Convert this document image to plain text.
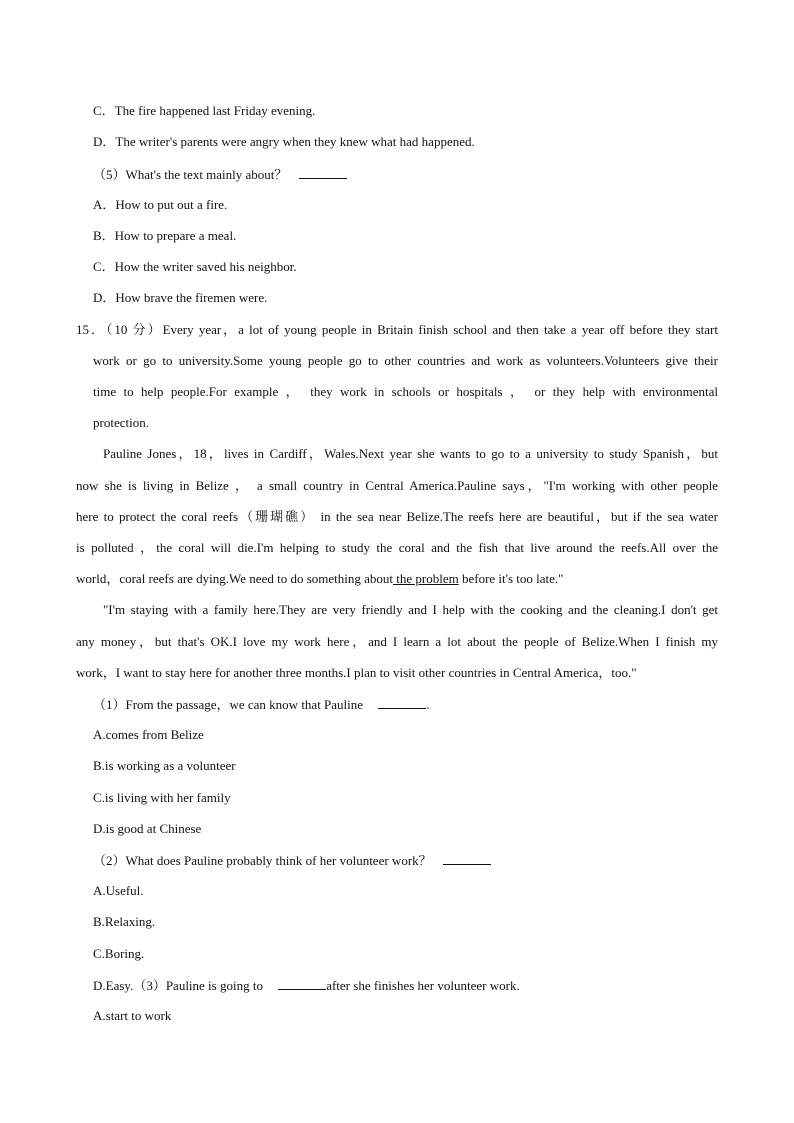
C．The fire happened last Friday evening.
D．The writer's parents were angry when they knew what had happened.
（5）What's the text mainly about？
A．How to put out a fire.
B．How to prepare a meal.
C．How the writer saved his neighbor.
D．How brave the firemen were.
15．（10 分）Every year，a lot of young people in Britain finish school and then take a year off before they start
work or go to university.Some young people go to other countries and work as volunteers.Volunteers give their
time to help people.For example ， they work in schools or hospitals ， or they help with environmental
protection.
Pauline Jones，18，lives in Cardiff，Wales.Next year she wants to go to a university to study Spanish，but
now she is living in Belize ， a small country in Central America.Pauline says，"I'm working with other people
here to protect the coral reefs（珊瑚礁） in the sea near Belize.The reefs here are beautiful，but if the sea water
is polluted ，the coral will die.I'm helping to study the coral and the fish that live around the reefs.All over the
world，coral reefs are dying.We need to do something about the problem before it's too late."
"I'm staying with a family here.They are very friendly and I help with the cooking and the cleaning.I don't get
any money，but that's OK.I love my work here，and I learn a lot about the people of Belize.When I finish my
work，I want to stay here for another three months.I plan to visit other countries in Central America，too."
（1）From the passage，we can know that Pauline	.
A.comes from Belize
B.is working as a volunteer
C.is living with her family
D.is good at Chinese
（2）What does Pauline probably think of her volunteer work？
A.Useful.
B.Relaxing.
C.Boring.
D.Easy.（3）Pauline is going to	after she finishes her volunteer work.
A.start to work
